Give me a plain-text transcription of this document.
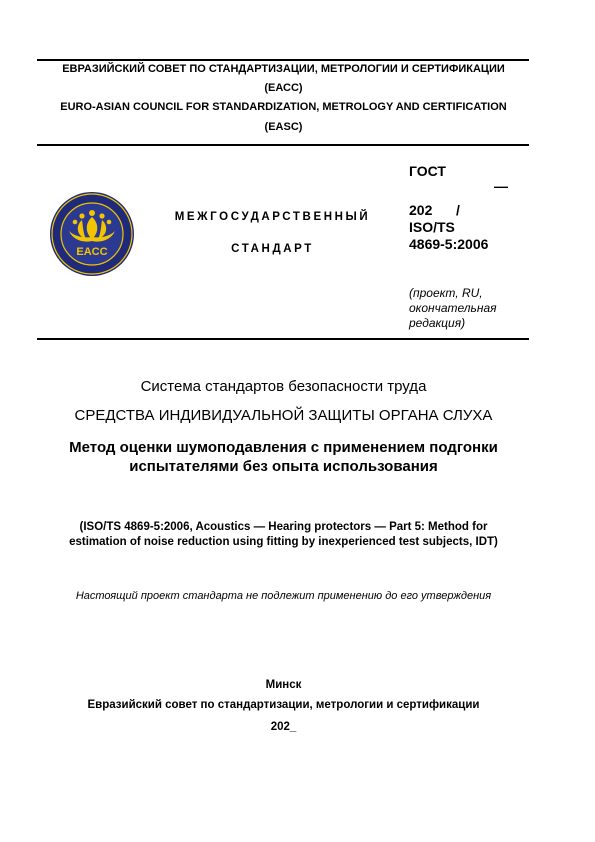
ЕВРАЗИЙСКИЙ СОВЕТ ПО СТАНДАРТИЗАЦИИ, МЕТРОЛОГИИ И СЕРТИФИКАЦИИ
(ЕАСС)
EURO-ASIAN COUNCIL FOR STANDARDIZATION, METROLOGY AND CERTIFICATION
(EASC)
EACC
МЕЖГОСУДАРСТВЕННЫЙ
СТАНДАРТ
ГОСТ
—
202 /
ISO/TS
4869-5:2006
(проект, RU,
окончательная
редакция)
Система стандартов безопасности труда
СРЕДСТВА ИНДИВИДУАЛЬНОЙ ЗАЩИТЫ ОРГАНА СЛУХА
Метод оценки шумоподавления с применением подгонки
испытателями без опыта использования
(ISO/TS 4869-5:2006, Acoustics — Hearing protectors — Part 5: Method for
estimation of noise reduction using fitting by inexperienced test subjects, IDT)
Настоящий проект стандарта не подлежит применению до его утверждения
Минск
Евразийский совет по стандартизации, метрологии и сертификации
202_
